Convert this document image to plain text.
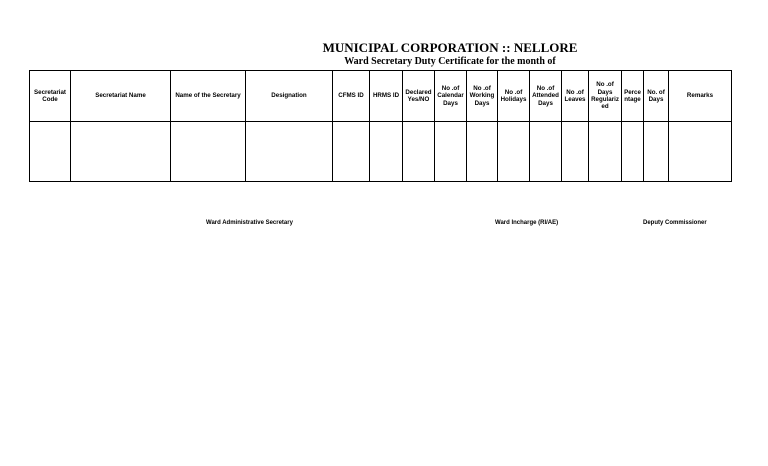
MUNICIPAL CORPORATION :: NELLORE
Ward Secretary Duty Certificate for the month of
Secretariat Code	Secretariat Name	Name of the Secretary	Designation	CFMS ID	HRMS ID	Declared Yes/NO	No .of Calendar Days	No .of Working Days	No .of Holidays	No .of Attended Days	No .of Leaves	No .of Days Regulariz ed	Perce ntage	No. of Days	Remarks

Ward Administrative Secretary	Ward Incharge (RI/AE)	Deputy Commissioner
